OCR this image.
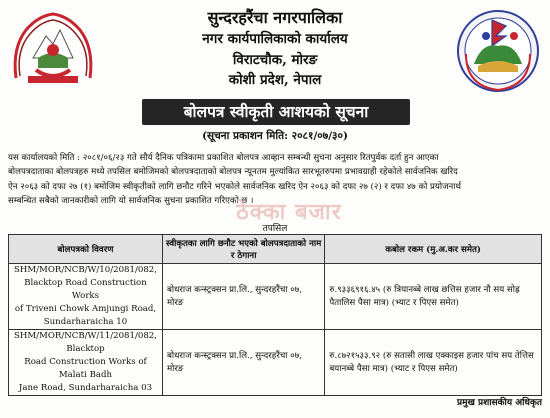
सुन्दरहरैंचा नगरपालिका
नगर कार्यपालिकाको कार्यालय
विराटचौक, मोरङ
कोशी प्रदेश, नेपाल
बोलपत्र स्वीकृती आशयको सूचना
(सूचना प्रकाशन मिति: २०८१/०७/३०)
यस कार्यालयको मिति : २०८१/०६/२३ गते सौर्य दैनिक पत्रिकामा प्रकाशित बोलपत्र आव्हान सम्बन्धी सुचना अनुसार रितपुर्वक दर्ता हुन आएका
बोलपत्रदाताका बोलपत्रहरु मध्ये तपसिल बमोजिमको बोलपत्रदाताको बोलपत्र न्यूनतम मुल्यांकित सारभूतरुपमा प्रभावग्राही रहेकोले सार्वजनिक खरिद
ऐन २०६३ को दफा २७ (१) बमोजिम स्वीकृतीको लागि छनौट गरिने भएकोले सार्वजनिक खरिद ऐन २०६३ को दफा २७ (२) र दफा ४७ को प्रयोजनार्थ
सम्बन्धित सबैको जानकारीको लागि यो सार्वजनिक सुचना प्रकाशित गरिएको छ ।
ठेक्का बजार
तपसिल
बोलपत्रको विवरण	स्वीकृतका लागि छनौट भएको बोलपत्रदाताको नाम र ठेगाना	कबोल रकम (मु.अ.कर समेत)

SHM/MOR/NCB/W/10/2081/082,
Blacktop Road Construction Works
of Triveni Chowk Amjungi Road,
Sundarharaicha 10	बोधराज कन्स्ट्रक्सन प्रा.लि., सुन्दरहरैंचा ०७, मोरङ	रु.९३३६९१६.४५ (रु त्रियानब्बे लाख छत्तिस हजार नौ सय सोह्र पैतालिस पैसा मात्र) (भ्याट र पिएस समेत)

SHM/MOR/NCB/W/11/2081/082, Blacktop
Road Construction Works of Malati Badh
Jane Road, Sundarharaicha 03	बोधराज कन्स्ट्रक्सन प्रा.लि., सुन्दरहरैंचा ०७, मोरङ	रु.८७२१५३३.९२ (रु सतासी लाख एक्काइस हजार पांच सय तेत्तिस बयानब्बे पैसा मात्र) (भ्याट र पिएस समेत)
प्रमुख प्रशासकीय अधिकृत
